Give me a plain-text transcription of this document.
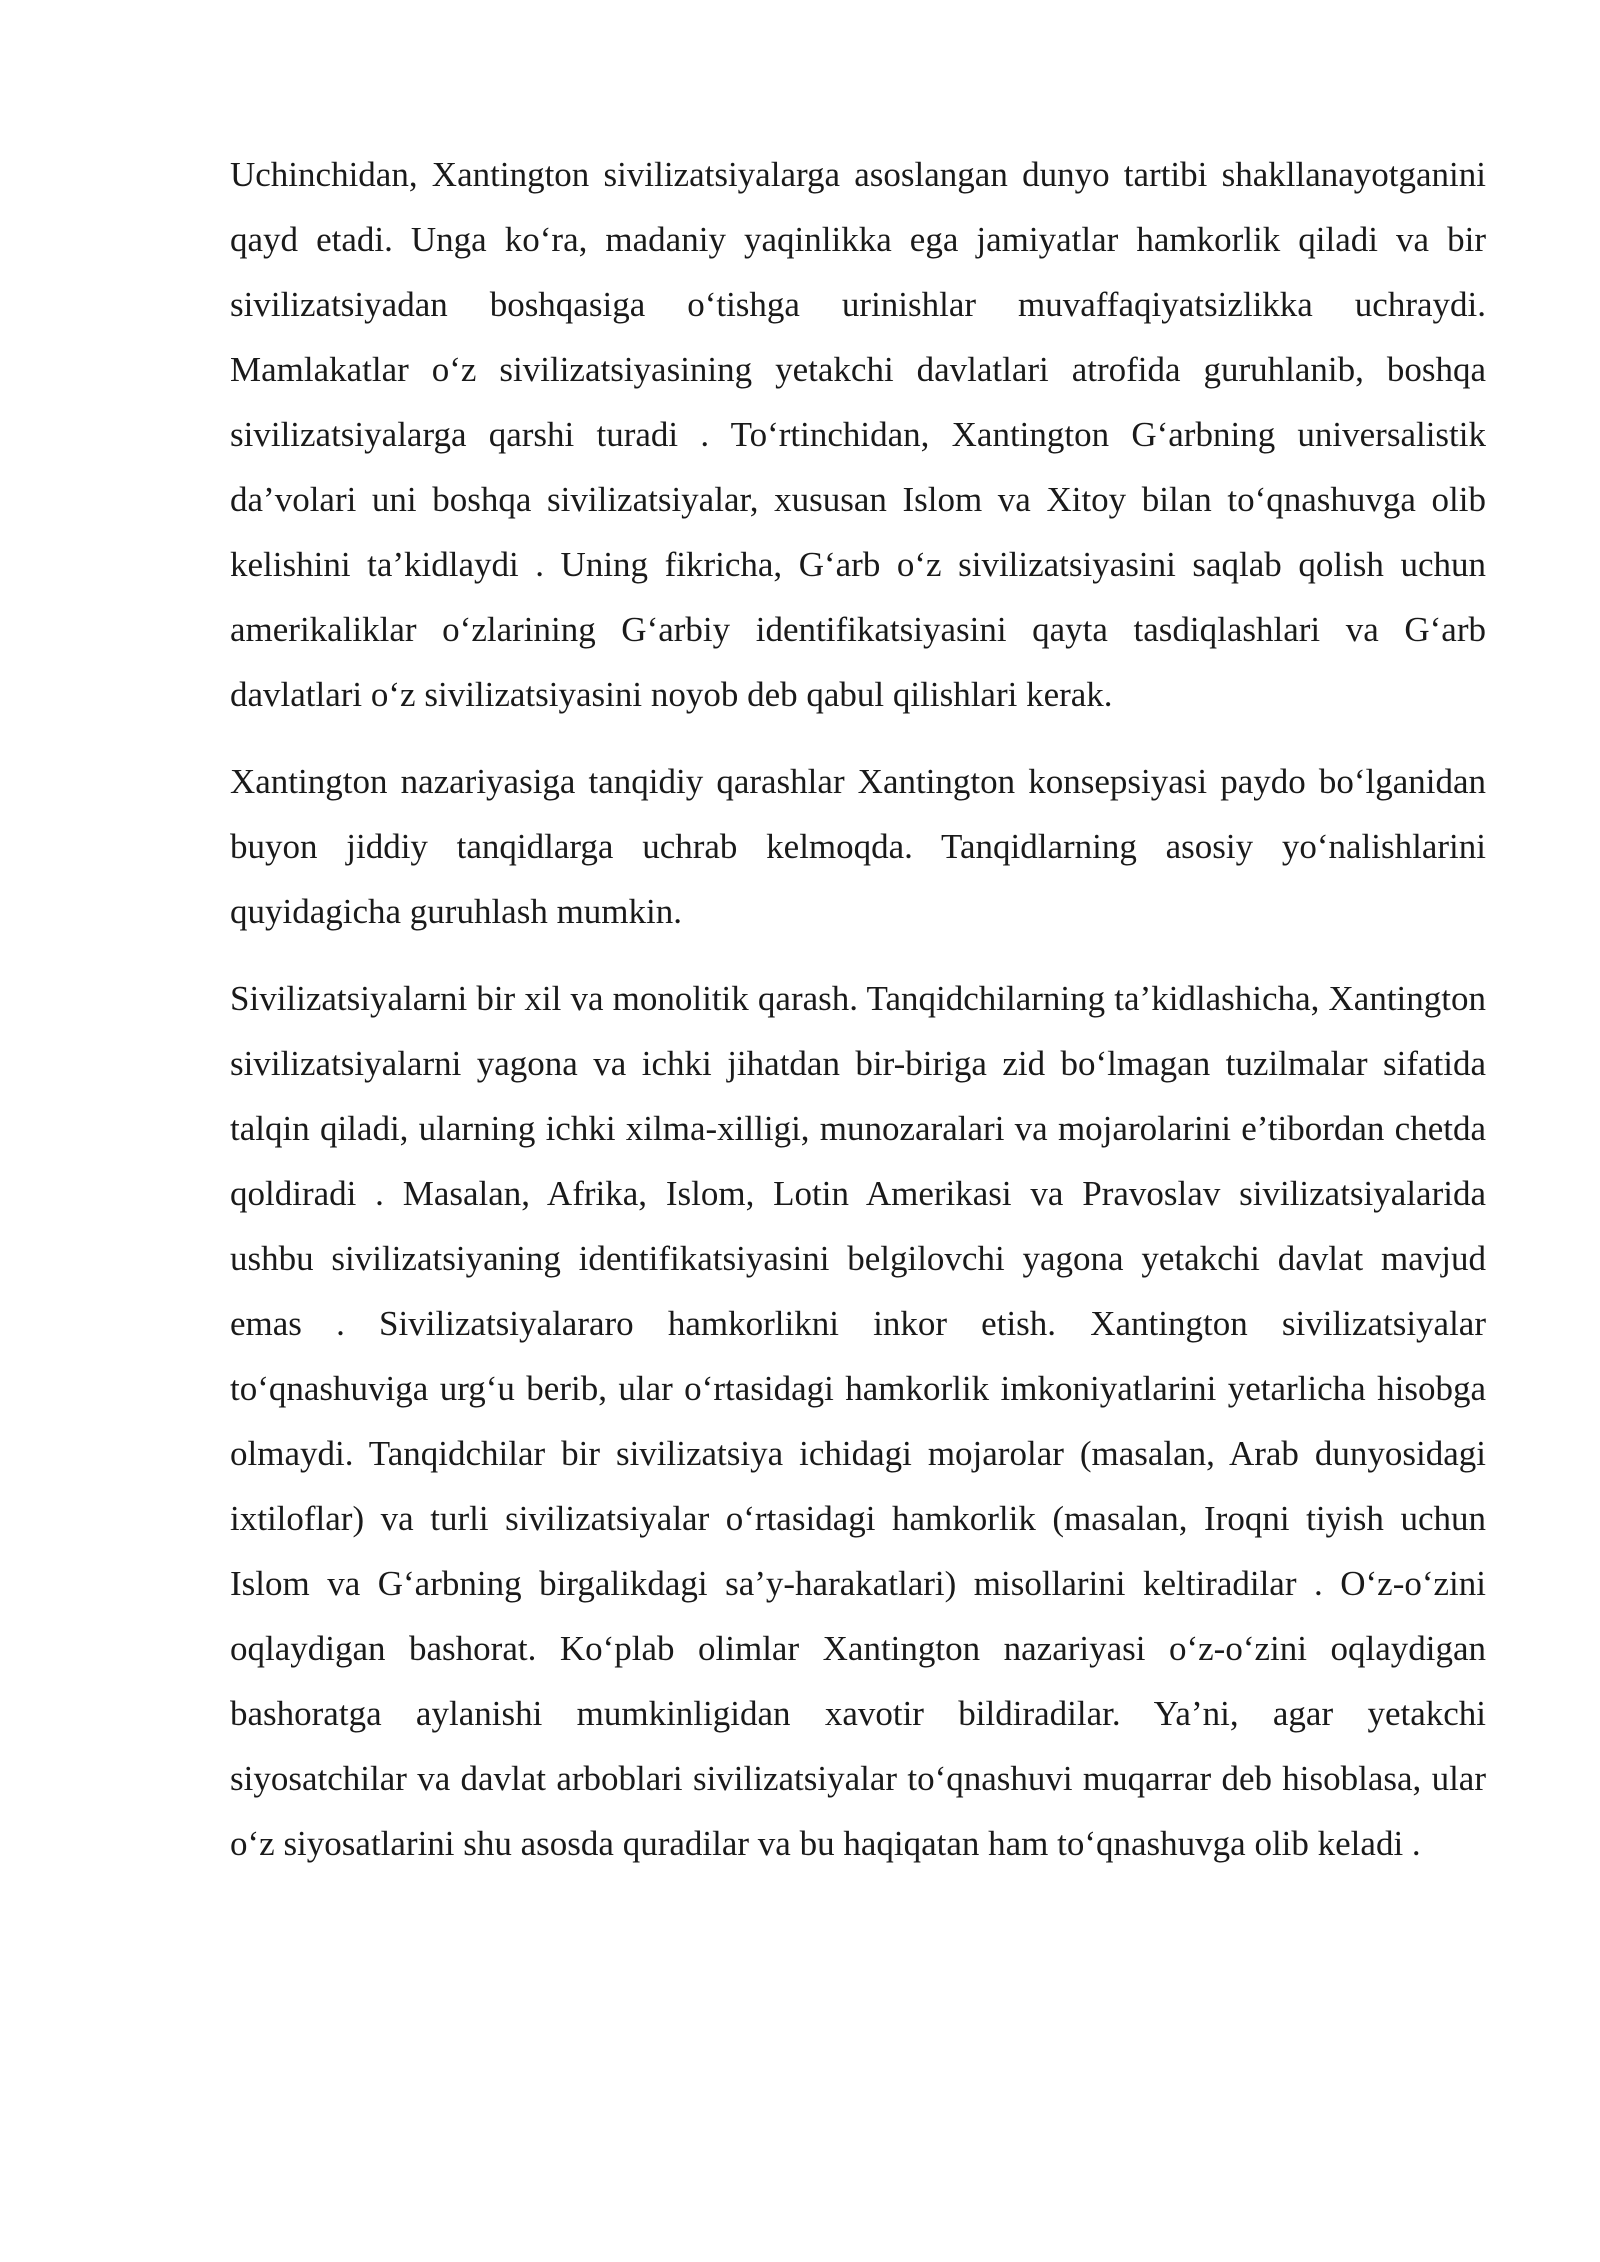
Uchinchidan, Xantington sivilizatsiyalarga asoslangan dunyo tartibi shakllanayotganini qayd etadi. Unga ko‘ra, madaniy yaqinlikka ega jamiyatlar hamkorlik qiladi va bir sivilizatsiyadan boshqasiga o‘tishga urinishlar muvaffaqiyatsizlikka uchraydi. Mamlakatlar o‘z sivilizatsiyasining yetakchi davlatlari atrofida guruhlanib, boshqa sivilizatsiyalarga qarshi turadi . To‘rtinchidan, Xantington G‘arbning universalistik da’volari uni boshqa sivilizatsiyalar, xususan Islom va Xitoy bilan to‘qnashuvga olib kelishini ta’kidlaydi . Uning fikricha, G‘arb o‘z sivilizatsiyasini saqlab qolish uchun amerikaliklar o‘zlarining G‘arbiy identifikatsiyasini qayta tasdiqlashlari va G‘arb davlatlari o‘z sivilizatsiyasini noyob deb qabul qilishlari kerak.

Xantington nazariyasiga tanqidiy qarashlar Xantington konsepsiyasi paydo bo‘lganidan buyon jiddiy tanqidlarga uchrab kelmoqda. Tanqidlarning asosiy yo‘nalishlarini quyidagicha guruhlash mumkin.

Sivilizatsiyalarni bir xil va monolitik qarash. Tanqidchilarning ta’kidlashicha, Xantington sivilizatsiyalarni yagona va ichki jihatdan bir-biriga zid bo‘lmagan tuzilmalar sifatida talqin qiladi, ularning ichki xilma-xilligi, munozaralari va mojarolarini e’tibordan chetda qoldiradi . Masalan, Afrika, Islom, Lotin Amerikasi va Pravoslav sivilizatsiyalarida ushbu sivilizatsiyaning identifikatsiyasini belgilovchi yagona yetakchi davlat mavjud emas . Sivilizatsiyalararo hamkorlikni inkor etish. Xantington sivilizatsiyalar to‘qnashuviga urg‘u berib, ular o‘rtasidagi hamkorlik imkoniyatlarini yetarlicha hisobga olmaydi. Tanqidchilar bir sivilizatsiya ichidagi mojarolar (masalan, Arab dunyosidagi ixtiloflar) va turli sivilizatsiyalar o‘rtasidagi hamkorlik (masalan, Iroqni tiyish uchun Islom va G‘arbning birgalikdagi sa’y-harakatlari) misollarini keltiradilar . O‘z-o‘zini oqlaydigan bashorat. Ko‘plab olimlar Xantington nazariyasi o‘z-o‘zini oqlaydigan bashoratga aylanishi mumkinligidan xavotir bildiradilar. Ya’ni, agar yetakchi siyosatchilar va davlat arboblari sivilizatsiyalar to‘qnashuvi muqarrar deb hisoblasa, ular o‘z siyosatlarini shu asosda quradilar va bu haqiqatan ham to‘qnashuvga olib keladi .
